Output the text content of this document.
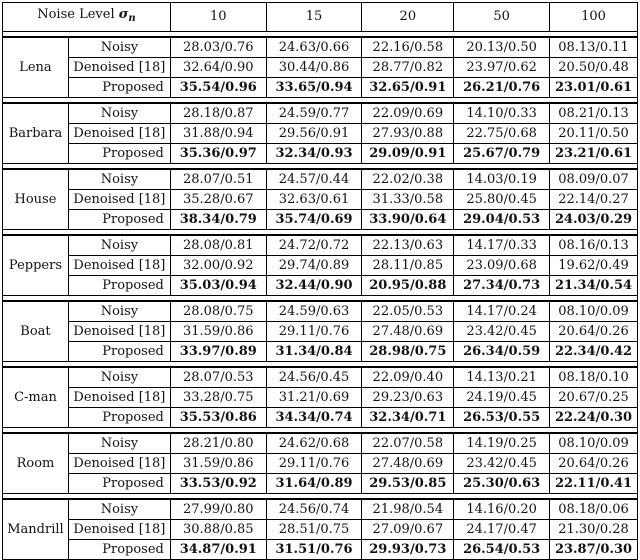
Noise Level $\sigma_n$		10	15	20	50	100

Lena	Noisy	28.03/0.76	24.63/0.66	22.16/0.58	20.13/0.50	08.13/0.11
	Denoised [18]	32.64/0.90	30.44/0.86	28.77/0.82	23.97/0.62	20.50/0.48
	Proposed	35.54/0.96	33.65/0.94	32.65/0.91	26.21/0.76	23.01/0.61

Barbara	Noisy	28.18/0.87	24.59/0.77	22.09/0.69	14.10/0.33	08.21/0.13
	Denoised [18]	31.88/0.94	29.56/0.91	27.93/0.88	22.75/0.68	20.11/0.50
	Proposed	35.36/0.97	32.34/0.93	29.09/0.91	25.67/0.79	23.21/0.61

House	Noisy	28.07/0.51	24.57/0.44	22.02/0.38	14.03/0.19	08.09/0.07
	Denoised [18]	35.28/0.67	32.63/0.61	31.33/0.58	25.80/0.45	22.14/0.27
	Proposed	38.34/0.79	35.74/0.69	33.90/0.64	29.04/0.53	24.03/0.29

Peppers	Noisy	28.08/0.81	24.72/0.72	22.13/0.63	14.17/0.33	08.16/0.13
	Denoised [18]	32.00/0.92	29.74/0.89	28.11/0.85	23.09/0.68	19.62/0.49
	Proposed	35.03/0.94	32.44/0.90	20.95/0.88	27.34/0.73	21.34/0.54

Boat	Noisy	28.08/0.75	24.59/0.63	22.05/0.53	14.17/0.24	08.10/0.09
	Denoised [18]	31.59/0.86	29.11/0.76	27.48/0.69	23.42/0.45	20.64/0.26
	Proposed	33.97/0.89	31.34/0.84	28.98/0.75	26.34/0.59	22.34/0.42

C-man	Noisy	28.07/0.53	24.56/0.45	22.09/0.40	14.13/0.21	08.18/0.10
	Denoised [18]	33.28/0.75	31.21/0.69	29.23/0.63	24.19/0.45	20.67/0.25
	Proposed	35.53/0.86	34.34/0.74	32.34/0.71	26.53/0.55	22.24/0.30

Room	Noisy	28.21/0.80	24.62/0.68	22.07/0.58	14.19/0.25	08.10/0.09
	Denoised [18]	31.59/0.86	29.11/0.76	27.48/0.69	23.42/0.45	20.64/0.26
	Proposed	33.53/0.92	31.64/0.89	29.53/0.85	25.30/0.63	22.11/0.41

Mandrill	Noisy	27.99/0.80	24.56/0.74	21.98/0.54	14.16/0.20	08.18/0.06
	Denoised [18]	30.88/0.85	28.51/0.75	27.09/0.67	24.17/0.47	21.30/0.28
	Proposed	34.87/0.91	31.51/0.76	29.93/0.73	26.54/0.53	23.87/0.30
